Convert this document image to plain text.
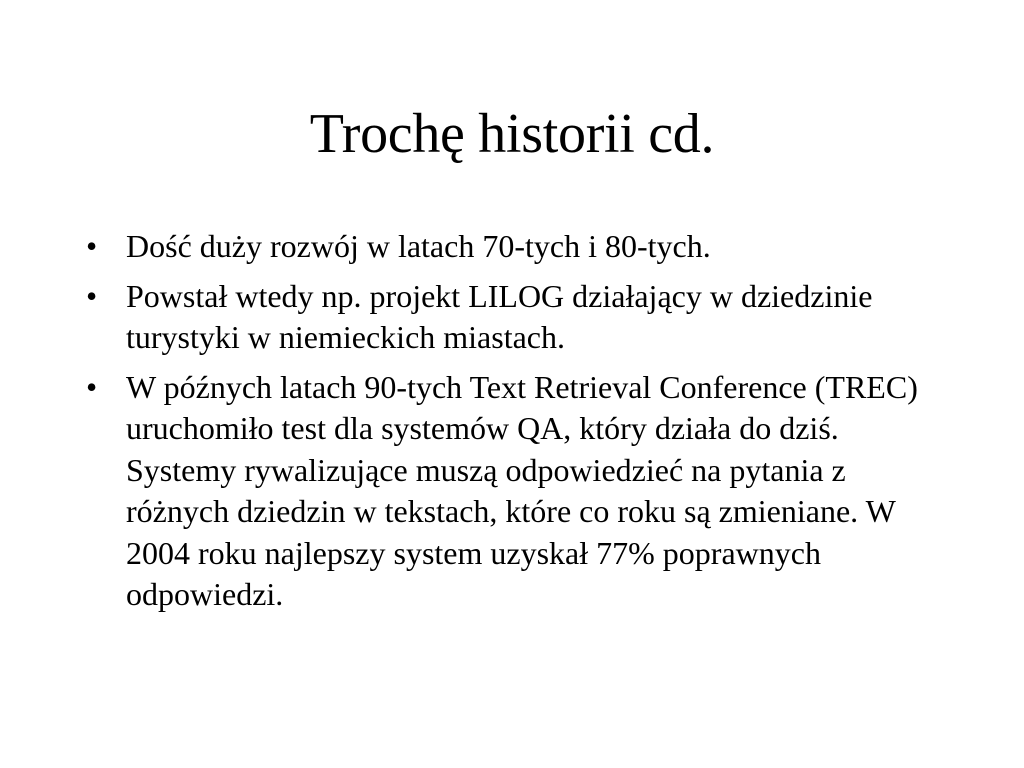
Trochę historii cd.
• Dość duży rozwój w latach 70-tych i 80-tych.
• Powstał wtedy np. projekt LILOG działający w dziedzinie turystyki w niemieckich miastach.
• W późnych latach 90-tych Text Retrieval Conference (TREC) uruchomiło test dla systemów QA, który działa do dziś. Systemy rywalizujące muszą odpowiedzieć na pytania z różnych dziedzin w tekstach, które co roku są zmieniane. W 2004 roku najlepszy system uzyskał 77% poprawnych odpowiedzi.
